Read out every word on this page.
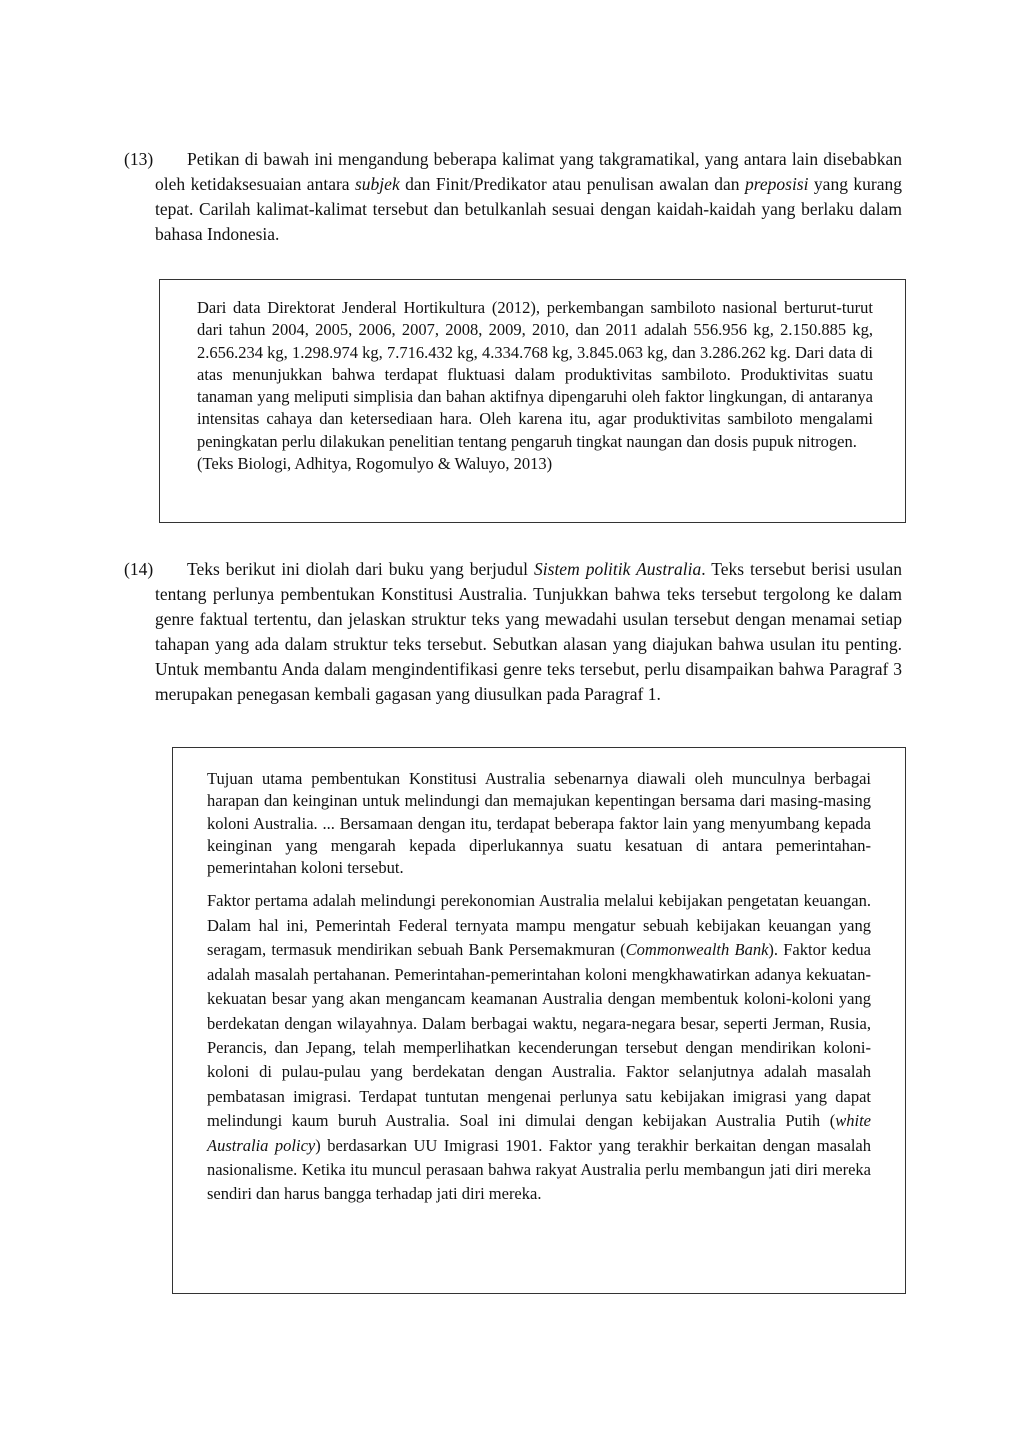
(13)	Petikan di bawah ini mengandung beberapa kalimat yang takgramatikal, yang antara lain disebabkan oleh ketidaksesuaian antara subjek dan Finit/Predikator atau penulisan awalan dan preposisi yang kurang tepat. Carilah kalimat-kalimat tersebut dan betulkanlah sesuai dengan kaidah-kaidah yang berlaku dalam bahasa Indonesia.
Dari data Direktorat Jenderal Hortikultura (2012), perkembangan sambiloto nasional berturut-turut dari tahun 2004, 2005, 2006, 2007, 2008, 2009, 2010, dan 2011 adalah 556.956 kg, 2.150.885 kg, 2.656.234 kg, 1.298.974 kg, 7.716.432 kg, 4.334.768 kg, 3.845.063 kg, dan 3.286.262 kg. Dari data di atas menunjukkan bahwa terdapat fluktuasi dalam produktivitas sambiloto. Produktivitas suatu tanaman yang meliputi simplisia dan bahan aktifnya dipengaruhi oleh faktor lingkungan, di antaranya intensitas cahaya dan ketersediaan hara. Oleh karena itu, agar produktivitas sambiloto mengalami peningkatan perlu dilakukan penelitian tentang pengaruh tingkat naungan dan dosis pupuk nitrogen.
(Teks Biologi, Adhitya, Rogomulyo & Waluyo, 2013)
(14)	Teks berikut ini diolah dari buku yang berjudul Sistem politik Australia. Teks tersebut berisi usulan tentang perlunya pembentukan Konstitusi Australia. Tunjukkan bahwa teks tersebut tergolong ke dalam genre faktual tertentu, dan jelaskan struktur teks yang mewadahi usulan tersebut dengan menamai setiap tahapan yang ada dalam struktur teks tersebut. Sebutkan alasan yang diajukan bahwa usulan itu penting. Untuk membantu Anda dalam mengindentifikasi genre teks tersebut, perlu disampaikan bahwa Paragraf 3 merupakan penegasan kembali gagasan yang diusulkan pada Paragraf 1.

Tujuan utama pembentukan Konstitusi Australia sebenarnya diawali oleh munculnya berbagai harapan dan keinginan untuk melindungi dan memajukan kepentingan bersama dari masing-masing koloni Australia. ... Bersamaan dengan itu, terdapat beberapa faktor lain yang menyumbang kepada keinginan yang mengarah kepada diperlukannya suatu kesatuan di antara pemerintahan-pemerintahan koloni tersebut.

Faktor pertama adalah melindungi perekonomian Australia melalui kebijakan pengetatan keuangan. Dalam hal ini, Pemerintah Federal ternyata mampu mengatur sebuah kebijakan keuangan yang seragam, termasuk mendirikan sebuah Bank Persemakmuran (Commonwealth Bank). Faktor kedua adalah masalah pertahanan. Pemerintahan-pemerintahan koloni mengkhawatirkan adanya kekuatan-kekuatan besar yang akan mengancam keamanan Australia dengan membentuk koloni-koloni yang berdekatan dengan wilayahnya. Dalam berbagai waktu, negara-negara besar, seperti Jerman, Rusia, Perancis, dan Jepang, telah memperlihatkan kecenderungan tersebut dengan mendirikan koloni-koloni di pulau-pulau yang berdekatan dengan Australia. Faktor selanjutnya adalah masalah pembatasan imigrasi. Terdapat tuntutan mengenai perlunya satu kebijakan imigrasi yang dapat melindungi kaum buruh Australia. Soal ini dimulai dengan kebijakan Australia Putih (white Australia policy) berdasarkan UU Imigrasi 1901. Faktor yang terakhir berkaitan dengan masalah nasionalisme. Ketika itu muncul perasaan bahwa rakyat Australia perlu membangun jati diri mereka sendiri dan harus bangga terhadap jati diri mereka.
